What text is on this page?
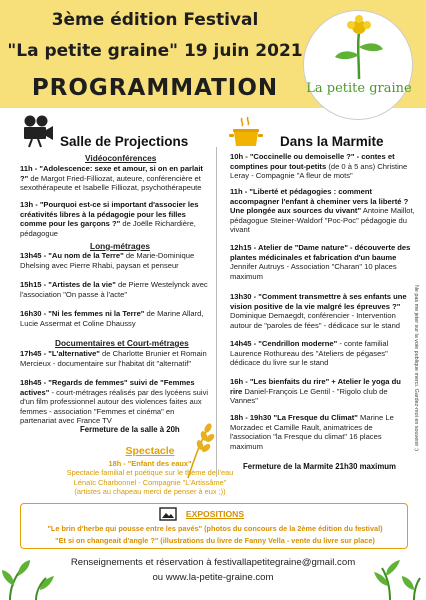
3ème édition Festival
"La petite graine" 19 juin 2021
PROGRAMMATION	La petite graine
Salle de Projections
Vidéoconférences
11h - "Adolescence: sexe et amour, si on en parlait ?" de Margot Fried-Filliozat, auteure, conférencière et sexothérapeute et Isabelle Filliozat, psychothérapeute
13h - "Pourquoi est-ce si important d'associer les créativités libres à la pédagogie pour les filles comme pour les garçons ?" de Joëlle Richardière, pédagogue
Long-métrages
13h45 - "Au nom de la Terre" de Marie-Dominique Dhelsing avec Pierre Rhabi, paysan et penseur
15h15 - "Artistes de la vie" de Pierre Westelynck avec l'association "On passe à l'acte"
16h30 - "Ni les femmes ni la Terre" de Marine Allard, Lucie Assermat et Coline Dhaussy
Documentaires et Court-métrages
17h45 - "L'alternative" de Charlotte Brunier et Romain Mercieux - documentaire sur l'habitat dit "alternatif"
18h45 - "Regards de femmes" suivi de "Femmes actives" - court-métrages réalisés par des lycéens suivi d'un film professionnel autour des violences faites aux femmes - association "Femmes et cinéma" en partenariat avec France TV
Fermeture de la salle à 20h
Dans la Marmite
10h - "Coccinelle ou demoiselle ?" - contes et comptines pour tout-petits (de 0 à 5 ans) Christine Leray - Compagnie "A fleur de mots"
11h - "Liberté et pédagogies : comment accompagner l'enfant à cheminer vers la liberté ? Une plongée aux sources du vivant" Antoine Maillot, pédagogue Steiner-Waldorf "Poc-Poc" pédagogie du vivant
12h15 - Atelier de "Dame nature" - découverte des plantes médicinales et fabrication d'un baume Jennifer Autruys - Association "Charan" 10 places maximum
13h30 - "Comment transmettre à ses enfants une vision positive de la vie malgré les épreuves ?" Dominique Demaegdt, conférencier - Intervention autour de "paroles de fées" - dédicace sur le stand
14h45 - "Cendrillon moderne" - conte familial Laurence Rothureau des "Ateliers de pégases" dédicace du livre sur le stand
16h - "Les bienfaits du rire" + Atelier le yoga du rire Daniel-François Le Gentil - "Rigolo club de Vannes"
18h - 19h30 "La Fresque du Climat" Marine Le Morzadec et Camille Rault, animatrices de l'association "la Fresque du climat" 16 places maximum
Fermeture de la Marmite 21h30 maximum
Spectacle
18h - "Enfant des eaux"
Spectacle familial et poétique sur le thème de l'eau
Lénaïc Charbonnel - Compagnie "L'Artissâme"
(artistes au chapeau merci de penser à eux ;))
EXPOSITIONS
"Le brin d'herbe qui pousse entre les pavés" (photos du concours de la 2ème édition du festival)
"Et si on changeait d'angle ?" (illustrations du livre de Fanny Vella - vente du livre sur place)
Renseignements et réservation à festivallapetitegraine@gmail.com
ou www.la-petite-graine.com
Ne pas me jeter sur la voie publique merci. Gardez-moi en souvenir :)
